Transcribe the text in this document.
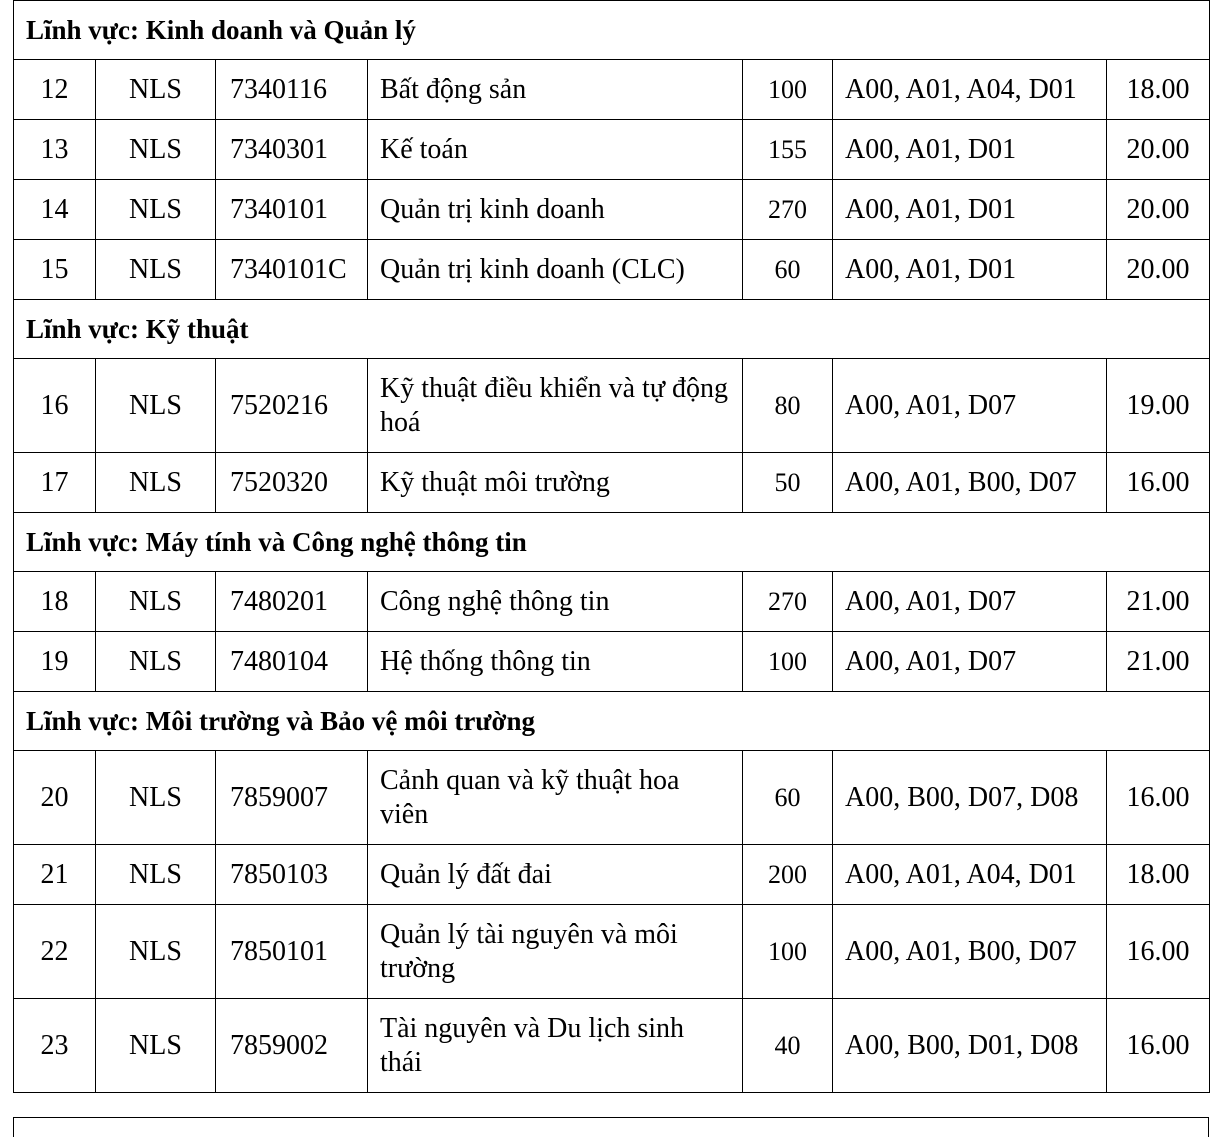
Lĩnh vực: Kinh doanh và Quản lý						
12	NLS	7340116	Bất động sản	100	A00, A01, A04, D01	18.00
13	NLS	7340301	Kế toán	155	A00, A01, D01	20.00
14	NLS	7340101	Quản trị kinh doanh	270	A00, A01, D01	20.00
15	NLS	7340101C	Quản trị kinh doanh (CLC)	60	A00, A01, D01	20.00
Lĩnh vực: Kỹ thuật						
16	NLS	7520216	Kỹ thuật điều khiển và tự động hoá	80	A00, A01, D07	19.00
17	NLS	7520320	Kỹ thuật môi trường	50	A00, A01, B00, D07	16.00
Lĩnh vực: Máy tính và Công nghệ thông tin						
18	NLS	7480201	Công nghệ thông tin	270	A00, A01, D07	21.00
19	NLS	7480104	Hệ thống thông tin	100	A00, A01, D07	21.00
Lĩnh vực: Môi trường và Bảo vệ môi trường						
20	NLS	7859007	Cảnh quan và kỹ thuật hoa viên	60	A00, B00, D07, D08	16.00
21	NLS	7850103	Quản lý đất đai	200	A00, A01, A04, D01	18.00
22	NLS	7850101	Quản lý tài nguyên và môi trường	100	A00, A01, B00, D07	16.00
23	NLS	7859002	Tài nguyên và Du lịch sinh thái	40	A00, B00, D01, D08	16.00
